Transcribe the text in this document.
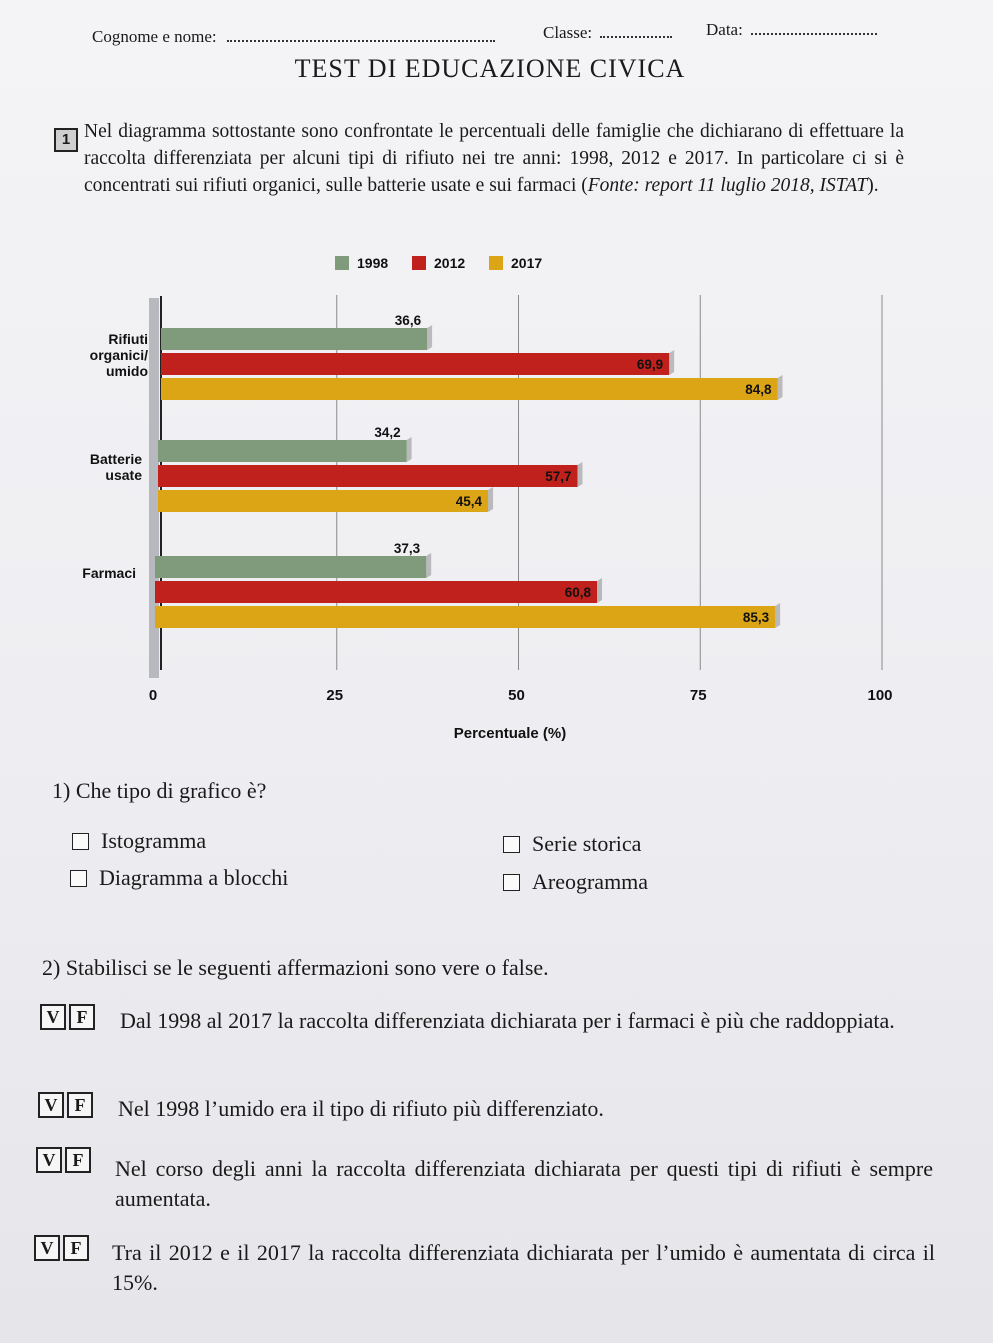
Cognome e nome:	Classe:	Data:
TEST DI EDUCAZIONE CIVICA
1 Nel diagramma sottostante sono confrontate le percentuali delle famiglie che dichiarano di effettuare la raccolta differenziata per alcuni tipi di rifiuto nei tre anni: 1998, 2012 e 2017. In particolare ci si è concentrati sui rifiuti organici, sulle batterie usate e sui farmaci (Fonte: report 11 luglio 2018, ISTAT).
1998	2012	2017
36,6
69,9
84,8
Rifiuti
organici/
umido
34,2
57,7
45,4
Batterie
usate
37,3
60,8
85,3
Farmaci
0	25	50	75	100
Percentuale (%)
1) Che tipo di grafico è?
Istogramma	Serie storica
Diagramma a blocchi	Areogramma
2) Stabilisci se le seguenti affermazioni sono vere o false.
V F	Dal 1998 al 2017 la raccolta differenziata dichiarata per i farmaci è più che raddoppiata.
V F	Nel 1998 l’umido era il tipo di rifiuto più differenziato.
V F	Nel corso degli anni la raccolta differenziata dichiarata per questi tipi di rifiuti è sempre aumentata.
V F	Tra il 2012 e il 2017 la raccolta differenziata dichiarata per l’umido è aumentata di circa il 15%.
